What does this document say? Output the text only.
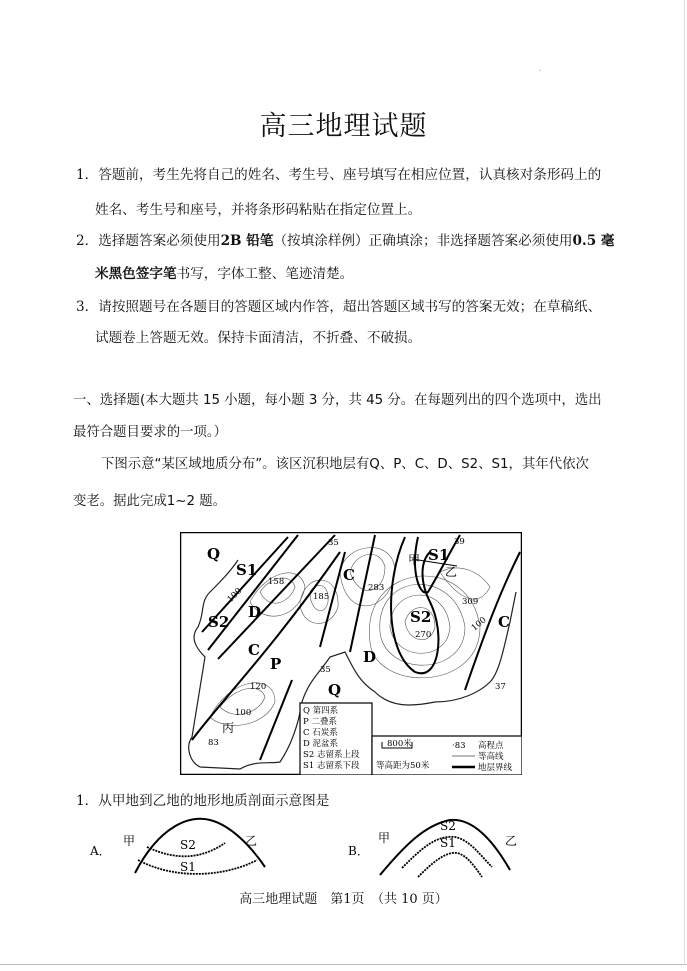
.
高三地理试题
1．答题前，考生先将自己的姓名、考生号、座号填写在相应位置，认真核对条形码上的
姓名、考生号和座号，并将条形码粘贴在指定位置上。
2．选择题答案必须使用2B 铅笔（按填涂样例）正确填涂；非选择题答案必须使用0.5 毫
米黑色签字笔书写，字体工整、笔迹清楚。
3．请按照题号在各题目的答题区域内作答，超出答题区域书写的答案无效；在草稿纸、
试题卷上答题无效。保持卡面清洁，不折叠、不破损。
一、选择题(本大题共 15 小题，每小题 3 分，共 45 分。在每题列出的四个选项中，选出
最符合题目要求的一项。）
下图示意“某区域地质分布”。该区沉积地层有Q、P、C、D、S2、S1，其年代依次
变老。据此完成1~2 题。
Q
S1
S2
D
C
P
Q
C
D
S2
S1
C
35
158
185
283
39
309
270
100
100
120
100
83
35
37
甲
乙
丙
Q 第四系
P 二叠系
C 石炭系
D 泥盆系
S2 志留系上段
S1 志留系下段
800米
等高距为50米
·83 高程点
等高线
地层界线
1．从甲地到乙地的地形地质剖面示意图是
A．
甲	乙
S2
S1
B．
甲	乙
S2
S1
高三地理试题　第1页　（共 10 页）
